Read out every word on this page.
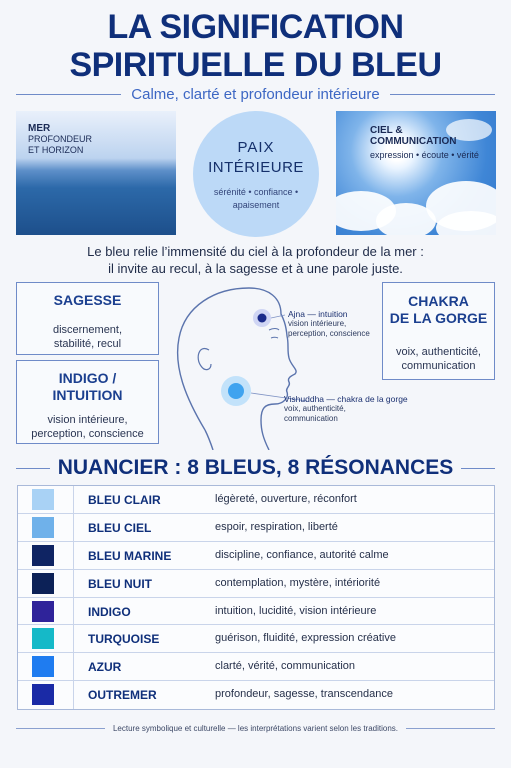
LA SIGNIFICATION
SPIRITUELLE DU BLEU
Calme, clarté et profondeur intérieure
MER
PROFONDEUR
ET HORIZON	PAIX
INTÉRIEURE
sérénité • confiance •
apaisement
CIEL &
COMMUNICATION
expression • écoute • vérité
Le bleu relie l’immensité du ciel à la profondeur de la mer :
il invite au recul, à la sagesse et à une parole juste.
SAGESSE
discernement,
stabilité, recul
INDIGO /
INTUITION
vision intérieure,
perception, conscience
Ajna — intuition
vision intérieure,
perception, conscience
Vishuddha — chakra de la gorge
voix, authenticité,
communication
CHAKRA
DE LA GORGE
voix, authenticité,
communication
NUANCIER : 8 BLEUS, 8 RÉSONANCES
BLEU CLAIR	légèreté, ouverture, réconfort
BLEU CIEL	espoir, respiration, liberté
BLEU MARINE	discipline, confiance, autorité calme
BLEU NUIT	contemplation, mystère, intériorité
INDIGO	intuition, lucidité, vision intérieure
TURQUOISE	guérison, fluidité, expression créative
AZUR	clarté, vérité, communication
OUTREMER	profondeur, sagesse, transcendance
Lecture symbolique et culturelle — les interprétations varient selon les traditions.
